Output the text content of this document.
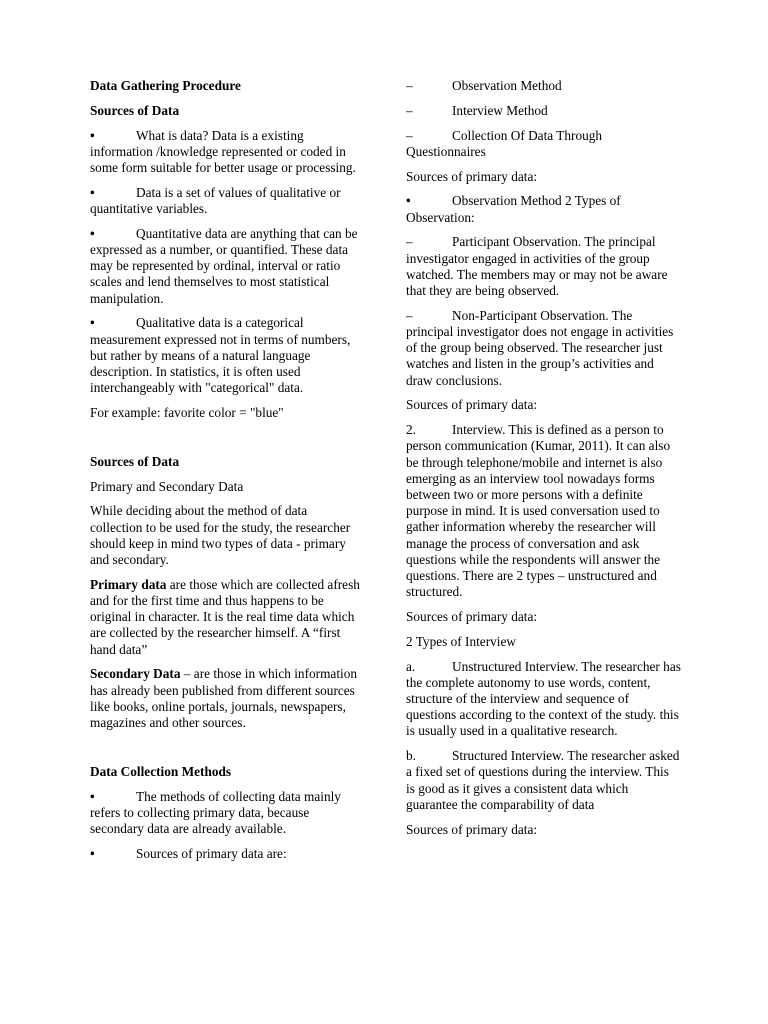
Data Gathering Procedure

Sources of Data

•	What is data? Data is a existing information /knowledge represented or coded in some form suitable for better usage or processing.

•	Data is a set of values of qualitative or quantitative variables.

•	Quantitative data are anything that can be expressed as a number, or quantified. These data may be represented by ordinal, interval or ratio scales and lend themselves to most statistical manipulation.

•	Qualitative data is a categorical measurement expressed not in terms of numbers, but rather by means of a natural language description. In statistics, it is often used interchangeably with "categorical" data.

For example: favorite color = "blue"

Sources of Data

Primary and Secondary Data

While deciding about the method of data collection to be used for the study, the researcher should keep in mind two types of data - primary and secondary.

Primary data are those which are collected afresh and for the first time and thus happens to be original in character. It is the real time data which are collected by the researcher himself. A “first hand data”

Secondary Data – are those in which information has already been published from different sources like books, online portals, journals, newspapers, magazines and other sources.

Data Collection Methods

•	The methods of collecting data mainly refers to collecting primary data, because secondary data are already available.

•	Sources of primary data are:

–	Observation Method

–	Interview Method

–	Collection Of Data Through Questionnaires

Sources of primary data:

•	Observation Method 2 Types of Observation:

–	Participant Observation. The principal investigator engaged in activities of the group watched. The members may or may not be aware that they are being observed.

–	Non-Participant Observation. The principal investigator does not engage in activities of the group being observed. The researcher just watches and listen in the group’s activities and draw conclusions.

Sources of primary data:

2.	Interview. This is defined as a person to person communication (Kumar, 2011). It can also be through telephone/mobile and internet is also emerging as an interview tool nowadays forms between two or more persons with a definite purpose in mind. It is used conversation used to gather information whereby the researcher will manage the process of conversation and ask questions while the respondents will answer the questions. There are 2 types – unstructured and structured.

Sources of primary data:

2 Types of Interview

a.	Unstructured Interview. The researcher has the complete autonomy to use words, content, structure of the interview and sequence of questions according to the context of the study. this is usually used in a qualitative research.

b.	Structured Interview. The researcher asked a fixed set of questions during the interview. This is good as it gives a consistent data which guarantee the comparability of data

Sources of primary data:
